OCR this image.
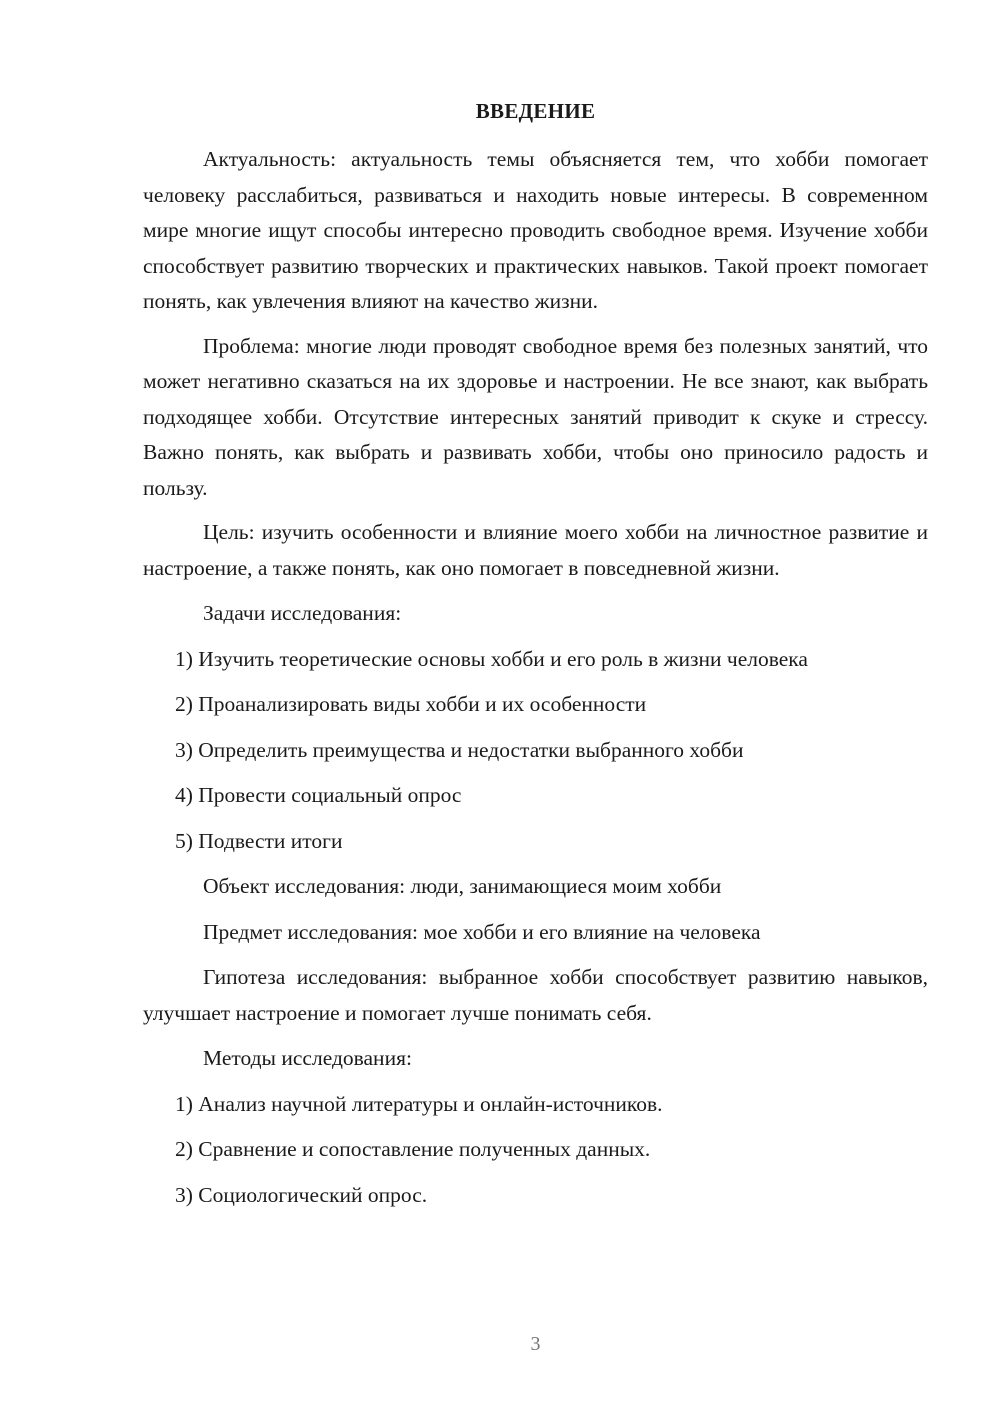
ВВЕДЕНИЕ

Актуальность: актуальность темы объясняется тем, что хобби помогает человеку расслабиться, развиваться и находить новые интересы. В современном мире многие ищут способы интересно проводить свободное время. Изучение хобби способствует развитию творческих и практических навыков. Такой проект помогает понять, как увлечения влияют на качество жизни.

Проблема: многие люди проводят свободное время без полезных занятий, что может негативно сказаться на их здоровье и настроении. Не все знают, как выбрать подходящее хобби. Отсутствие интересных занятий приводит к скуке и стрессу. Важно понять, как выбрать и развивать хобби, чтобы оно приносило радость и пользу.

Цель: изучить особенности и влияние моего хобби на личностное развитие и настроение, а также понять, как оно помогает в повседневной жизни.

Задачи исследования:

1) Изучить теоретические основы хобби и его роль в жизни человека

2) Проанализировать виды хобби и их особенности

3) Определить преимущества и недостатки выбранного хобби

4) Провести социальный опрос

5) Подвести итоги

Объект исследования: люди, занимающиеся моим хобби

Предмет исследования: мое хобби и его влияние на человека

Гипотеза исследования: выбранное хобби способствует развитию навыков, улучшает настроение и помогает лучше понимать себя.

Методы исследования:

1) Анализ научной литературы и онлайн-источников.

2) Сравнение и сопоставление полученных данных.

3) Социологический опрос.

3
